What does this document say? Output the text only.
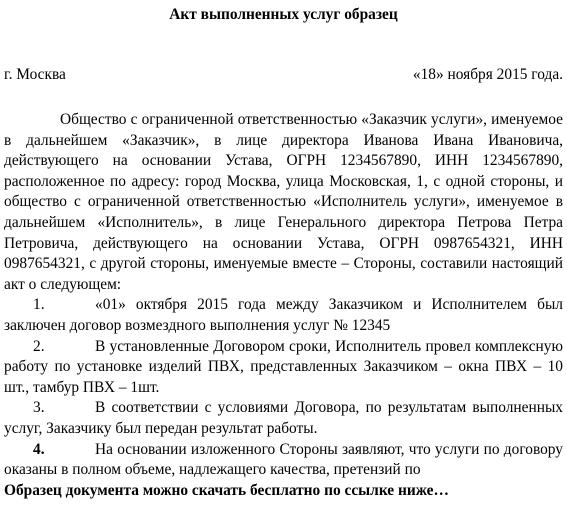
Акт выполненных услуг образец
г. Москва	«18» ноября 2015 года.

Общество с ограниченной ответственностью «Заказчик услуги», именуемое в дальнейшем «Заказчик», в лице директора Иванова Ивана Ивановича, действующего на основании Устава, ОГРН 1234567890, ИНН 1234567890, расположенное по адресу: город Москва, улица Московская, 1, с одной стороны, и общество с ограниченной ответственностью «Исполнитель услуги», именуемое в дальнейшем «Исполнитель», в лице Генерального директора Петрова Петра Петровича, действующего на основании Устава, ОГРН 0987654321, ИНН 0987654321, с другой стороны, именуемые вместе – Стороны, составили настоящий акт о следующем:

1.	«01» октября 2015 года между Заказчиком и Исполнителем был заключен договор возмездного выполнения услуг № 12345

2.	В установленные Договором сроки, Исполнитель провел комплексную работу по установке изделий ПВХ, представленных Заказчиком – окна ПВХ – 10 шт., тамбур ПВХ – 1шт.

3.	В соответствии с условиями Договора, по результатам выполненных услуг, Заказчику был передан результат работы.

4.	На основании изложенного Стороны заявляют, что услуги по договору оказаны в полном объеме, надлежащего качества, претензий по

Образец документа можно скачать бесплатно по ссылке ниже…
